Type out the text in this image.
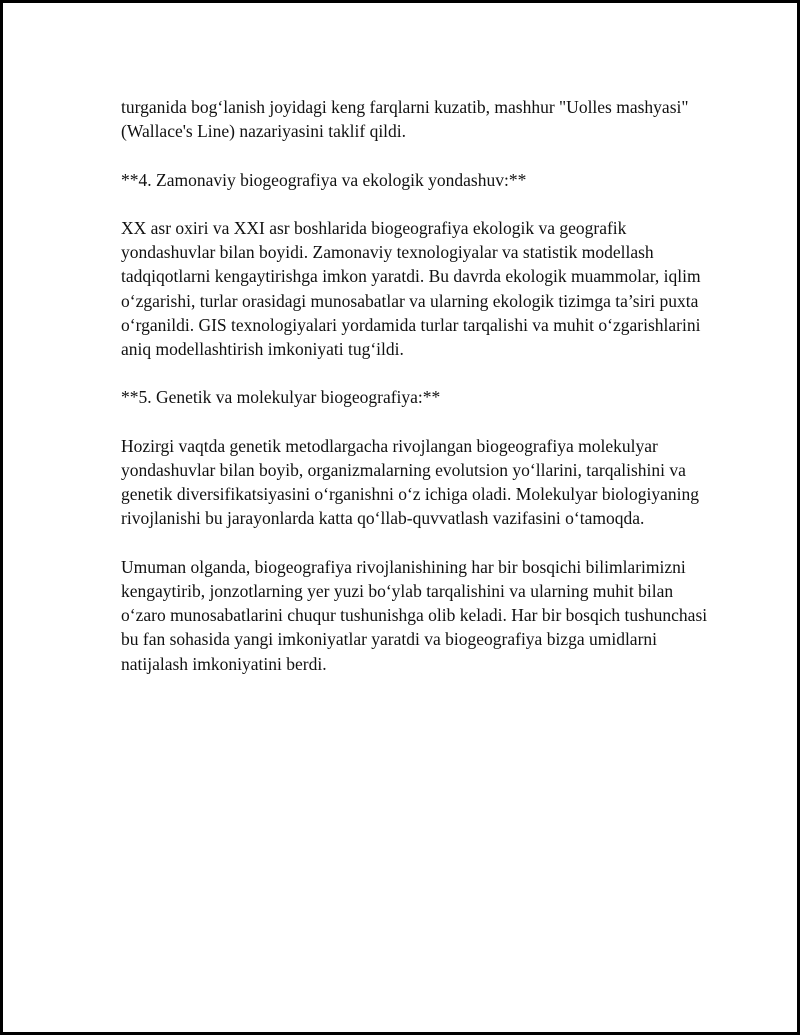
turganida bog‘lanish joyidagi keng farqlarni kuzatib, mashhur "Uolles mashyasi" (Wallace's Line) nazariyasini taklif qildi.

**4. Zamonaviy biogeografiya va ekologik yondashuv:**

XX asr oxiri va XXI asr boshlarida biogeografiya ekologik va geografik yondashuvlar bilan boyidi. Zamonaviy texnologiyalar va statistik modellash tadqiqotlarni kengaytirishga imkon yaratdi. Bu davrda ekologik muammolar, iqlim o‘zgarishi, turlar orasidagi munosabatlar va ularning ekologik tizimga ta’siri puxta o‘rganildi. GIS texnologiyalari yordamida turlar tarqalishi va muhit o‘zgarishlarini aniq modellashtirish imkoniyati tug‘ildi.

**5. Genetik va molekulyar biogeografiya:**

Hozirgi vaqtda genetik metodlargacha rivojlangan biogeografiya molekulyar yondashuvlar bilan boyib, organizmalarning evolutsion yo‘llarini, tarqalishini va genetik diversifikatsiyasini o‘rganishni o‘z ichiga oladi. Molekulyar biologiyaning rivojlanishi bu jarayonlarda katta qo‘llab-quvvatlash vazifasini o‘tamoqda.

Umuman olganda, biogeografiya rivojlanishining har bir bosqichi bilimlarimizni kengaytirib, jonzotlarning yer yuzi bo‘ylab tarqalishini va ularning muhit bilan o‘zaro munosabatlarini chuqur tushunishga olib keladi. Har bir bosqich tushunchasi bu fan sohasida yangi imkoniyatlar yaratdi va biogeografiya bizga umidlarni natijalash imkoniyatini berdi.
